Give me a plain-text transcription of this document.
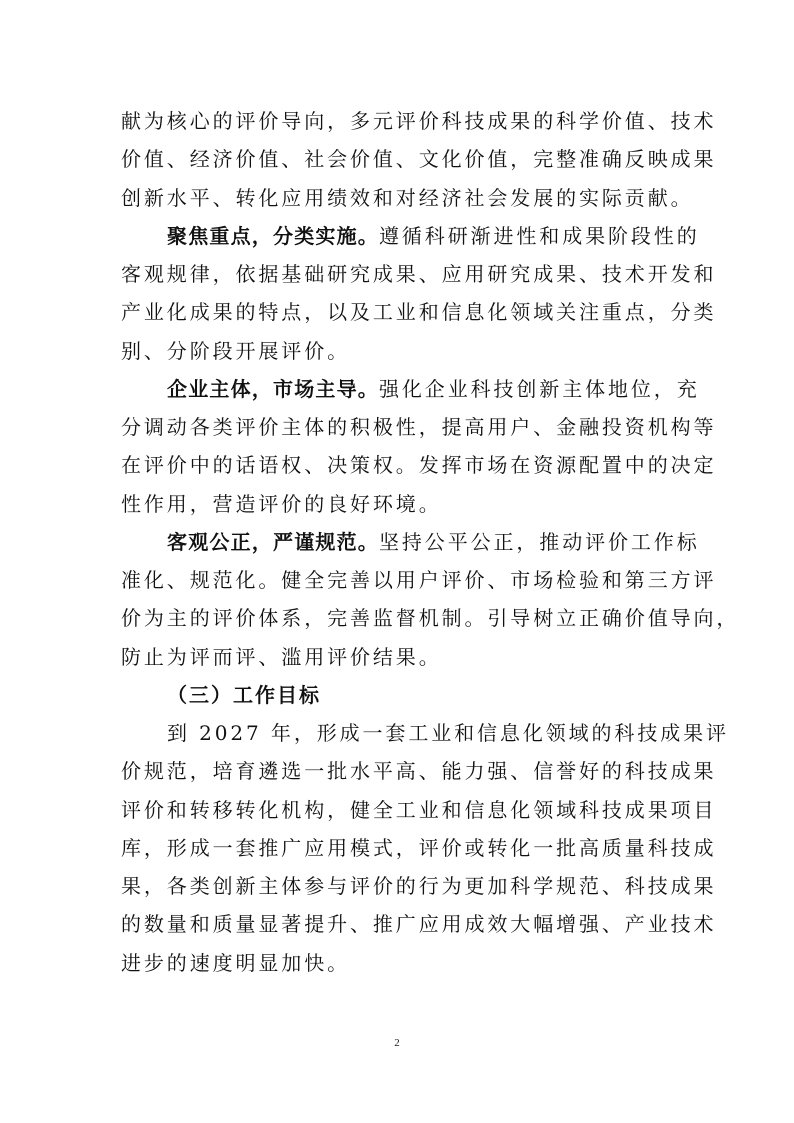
献为核心的评价导向，多元评价科技成果的科学价值、技术
价值、经济价值、社会价值、文化价值，完整准确反映成果
创新水平、转化应用绩效和对经济社会发展的实际贡献。
聚焦重点，分类实施。遵循科研渐进性和成果阶段性的
客观规律，依据基础研究成果、应用研究成果、技术开发和
产业化成果的特点，以及工业和信息化领域关注重点，分类
别、分阶段开展评价。
企业主体，市场主导。强化企业科技创新主体地位，充
分调动各类评价主体的积极性，提高用户、金融投资机构等
在评价中的话语权、决策权。发挥市场在资源配置中的决定
性作用，营造评价的良好环境。
客观公正，严谨规范。坚持公平公正，推动评价工作标
准化、规范化。健全完善以用户评价、市场检验和第三方评
价为主的评价体系，完善监督机制。引导树立正确价值导向，
防止为评而评、滥用评价结果。
（三）工作目标
到 2027 年，形成一套工业和信息化领域的科技成果评
价规范，培育遴选一批水平高、能力强、信誉好的科技成果
评价和转移转化机构，健全工业和信息化领域科技成果项目
库，形成一套推广应用模式，评价或转化一批高质量科技成
果，各类创新主体参与评价的行为更加科学规范、科技成果
的数量和质量显著提升、推广应用成效大幅增强、产业技术
进步的速度明显加快。
2
